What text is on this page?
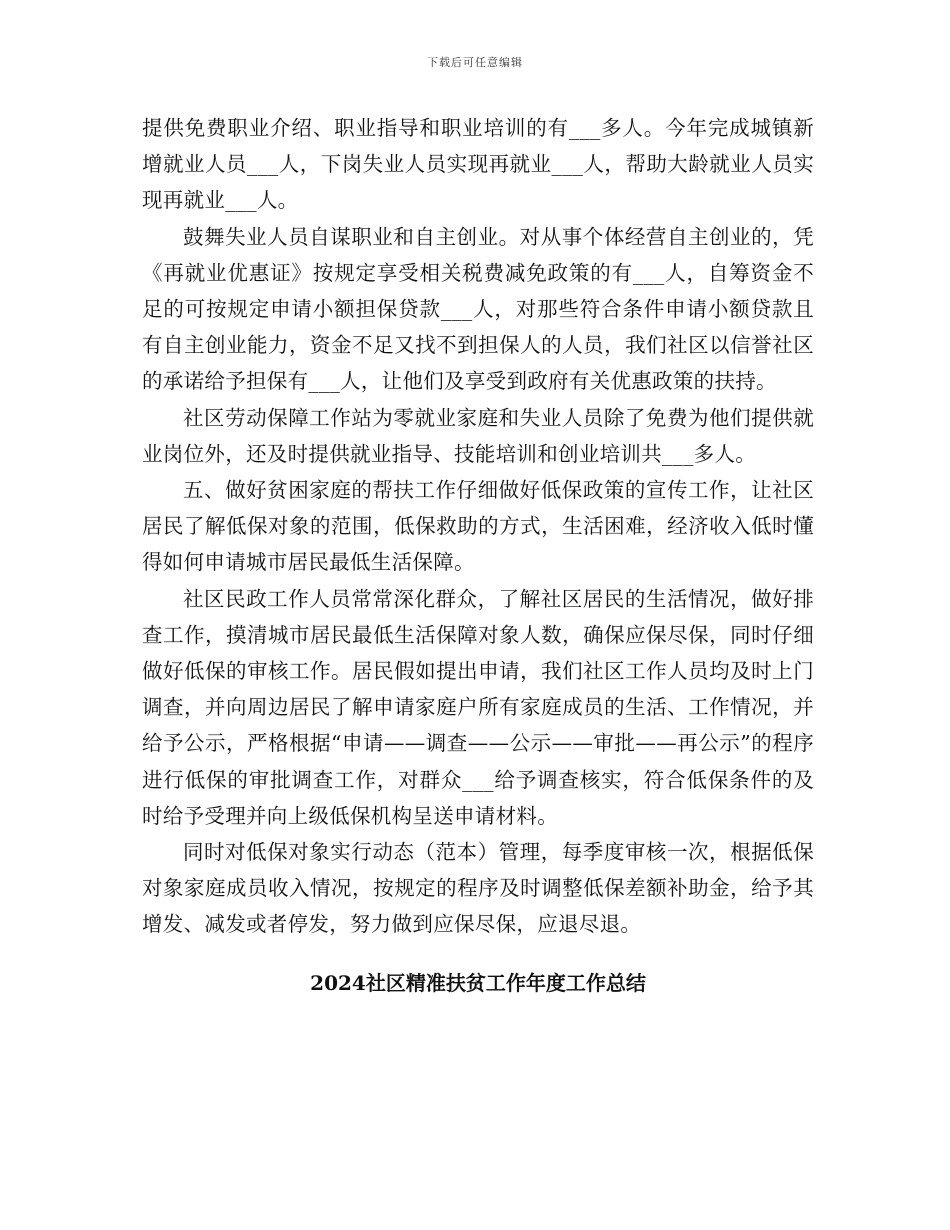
下载后可任意编辑

提供免费职业介绍、职业指导和职业培训的有___多人。今年完成城镇新增就业人员___人，下岗失业人员实现再就业___人，帮助大龄就业人员实现再就业___人。

鼓舞失业人员自谋职业和自主创业。对从事个体经营自主创业的，凭《再就业优惠证》按规定享受相关税费减免政策的有___人，自筹资金不足的可按规定申请小额担保贷款___人，对那些符合条件申请小额贷款且有自主创业能力，资金不足又找不到担保人的人员，我们社区以信誉社区的承诺给予担保有___人，让他们及享受到政府有关优惠政策的扶持。

社区劳动保障工作站为零就业家庭和失业人员除了免费为他们提供就业岗位外，还及时提供就业指导、技能培训和创业培训共___多人。

五、做好贫困家庭的帮扶工作仔细做好低保政策的宣传工作，让社区居民了解低保对象的范围，低保救助的方式，生活困难，经济收入低时懂得如何申请城市居民最低生活保障。

社区民政工作人员常常深化群众，了解社区居民的生活情况，做好排查工作，摸清城市居民最低生活保障对象人数，确保应保尽保，同时仔细做好低保的审核工作。居民假如提出申请，我们社区工作人员均及时上门调查，并向周边居民了解申请家庭户所有家庭成员的生活、工作情况，并给予公示，严格根据“申请——调查——公示——审批——再公示”的程序进行低保的审批调查工作，对群众___给予调查核实，符合低保条件的及时给予受理并向上级低保机构呈送申请材料。

同时对低保对象实行动态（范本）管理，每季度审核一次，根据低保对象家庭成员收入情况，按规定的程序及时调整低保差额补助金，给予其增发、减发或者停发，努力做到应保尽保，应退尽退。

2024社区精准扶贫工作年度工作总结
